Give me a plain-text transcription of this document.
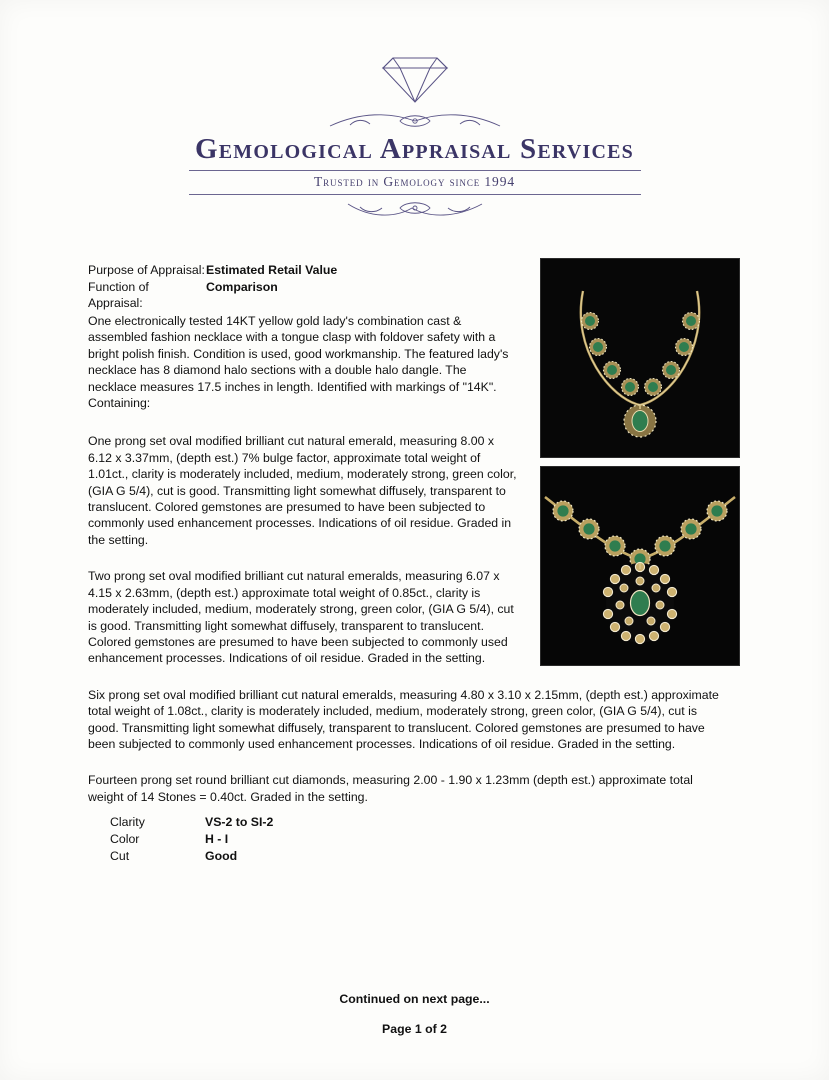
Gemological Appraisal Services

Trusted in Gemology since 1994

Purpose of Appraisal: Estimated Retail Value
Function of Appraisal:
Comparison

One electronically tested 14KT yellow gold lady's combination cast & assembled fashion necklace with a tongue clasp with foldover safety with a bright polish finish. Condition is used, good workmanship. The featured lady's necklace has 8 diamond halo sections with a double halo dangle. The necklace measures 17.5 inches in length. Identified with markings of "14K". Containing:

One prong set oval modified brilliant cut natural emerald, measuring 8.00 x 6.12 x 3.37mm, (depth est.) 7% bulge factor, approximate total weight of 1.01ct., clarity is moderately included, medium, moderately strong, green color, (GIA G 5/4), cut is good. Transmitting light somewhat diffusely, transparent to translucent. Colored gemstones are presumed to have been subjected to commonly used enhancement processes. Indications of oil residue. Graded in the setting.

Two prong set oval modified brilliant cut natural emeralds, measuring 6.07 x 4.15 x 2.63mm, (depth est.) approximate total weight of 0.85ct., clarity is moderately included, medium, moderately strong, green color, (GIA G 5/4), cut is good. Transmitting light somewhat diffusely, transparent to translucent. Colored gemstones are presumed to have been subjected to commonly used enhancement processes. Indications of oil residue. Graded in the setting.

Six prong set oval modified brilliant cut natural emeralds, measuring 4.80 x 3.10 x 2.15mm, (depth est.) approximate total weight of 1.08ct., clarity is moderately included, medium, moderately strong, green color, (GIA G 5/4), cut is good. Transmitting light somewhat diffusely, transparent to translucent. Colored gemstones are presumed to have been subjected to commonly used enhancement processes. Indications of oil residue. Graded in the setting.

Fourteen prong set round brilliant cut diamonds, measuring 2.00 - 1.90 x 1.23mm (depth est.) approximate total weight of 14 Stones = 0.40ct. Graded in the setting.

Clarity	VS-2 to SI-2
Color	H - I
Cut	Good
Continued on next page...
Page 1 of 2
